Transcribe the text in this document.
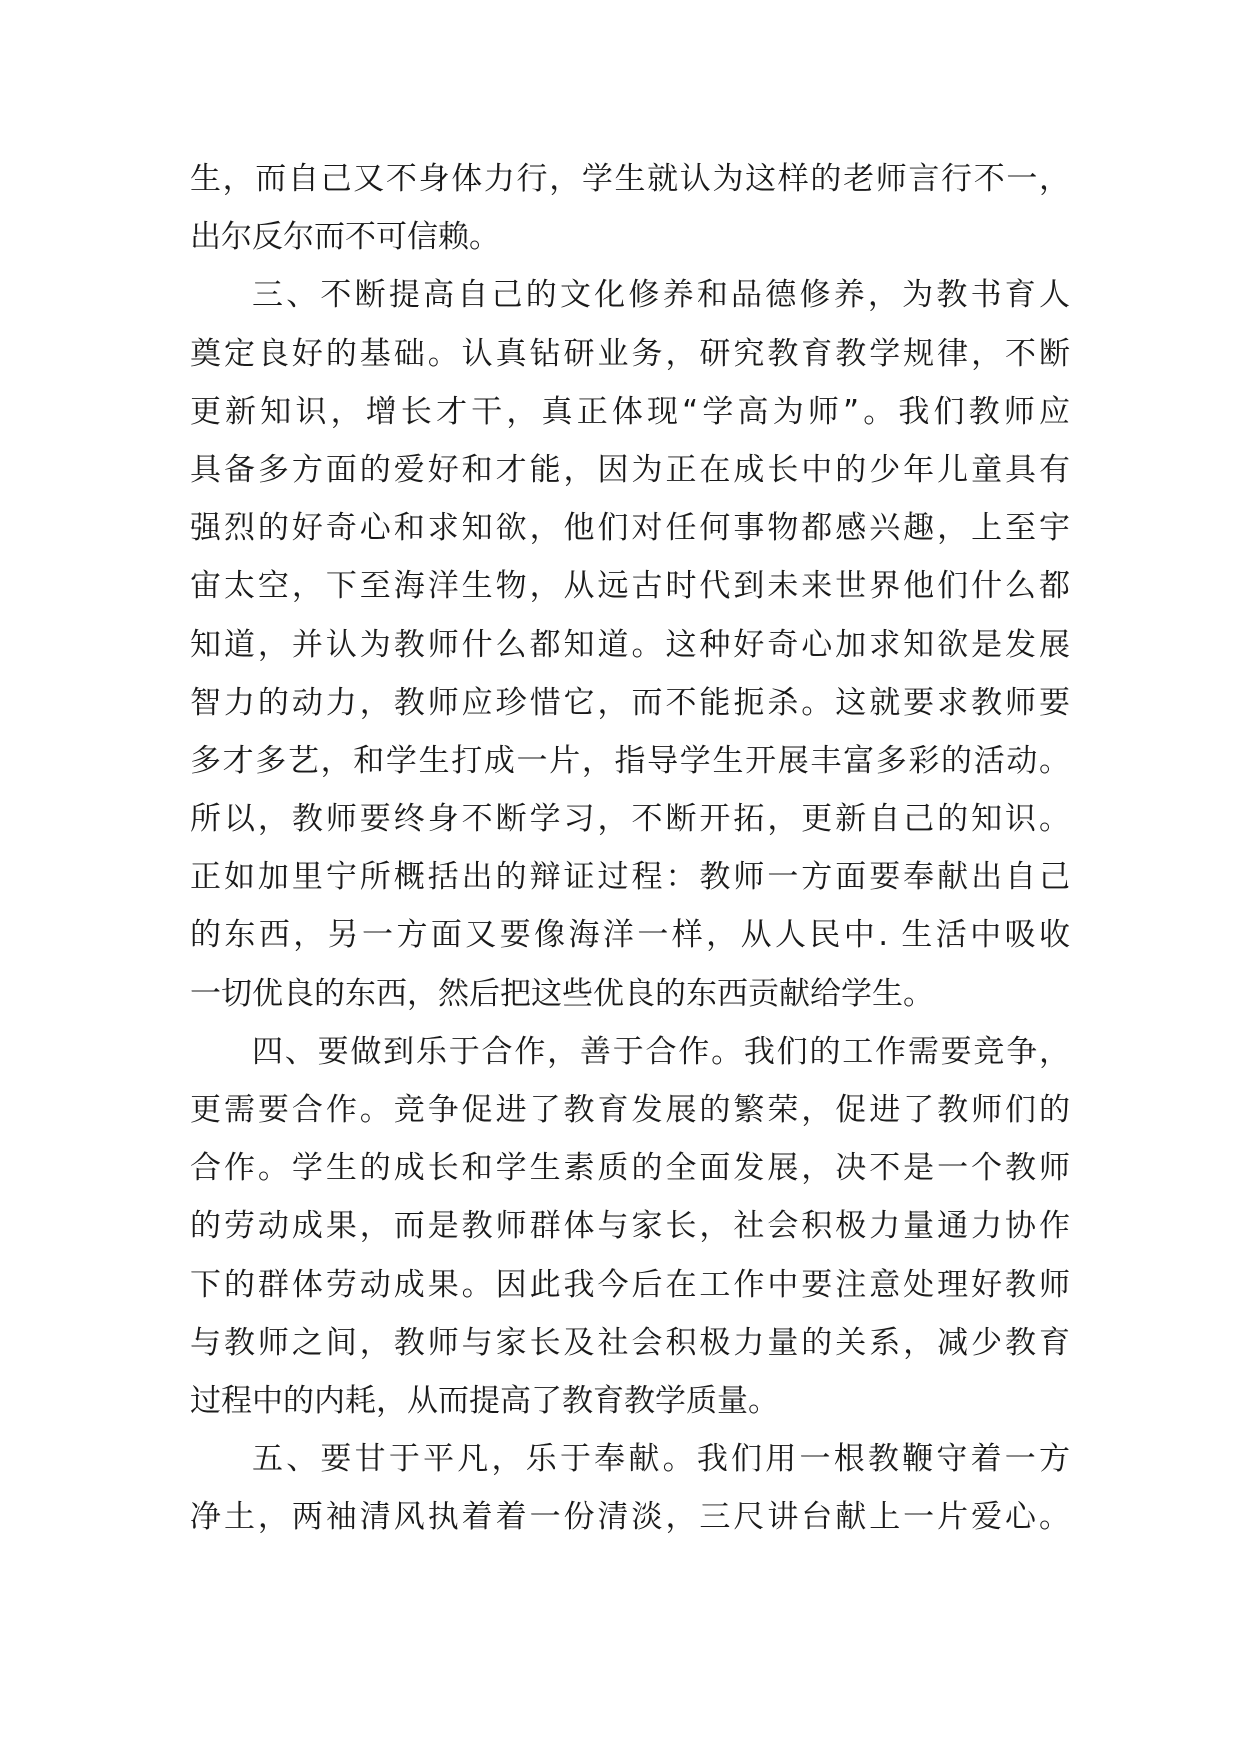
生，而自己又不身体力行，学生就认为这样的老师言行不一，
出尔反尔而不可信赖。
三、不断提高自己的文化修养和品德修养，为教书育人
奠定良好的基础。认真钻研业务，研究教育教学规律，不断
更新知识，增长才干，真正体现“学高为师”。我们教师应
具备多方面的爱好和才能，因为正在成长中的少年儿童具有
强烈的好奇心和求知欲，他们对任何事物都感兴趣，上至宇
宙太空，下至海洋生物，从远古时代到未来世界他们什么都
知道，并认为教师什么都知道。这种好奇心加求知欲是发展
智力的动力，教师应珍惜它，而不能扼杀。这就要求教师要
多才多艺，和学生打成一片，指导学生开展丰富多彩的活动。
所以，教师要终身不断学习，不断开拓，更新自己的知识。
正如加里宁所概括出的辩证过程：教师一方面要奉献出自己
的东西，另一方面又要像海洋一样，从人民中. 生活中吸收
一切优良的东西，然后把这些优良的东西贡献给学生。
四、要做到乐于合作，善于合作。我们的工作需要竞争，
更需要合作。竞争促进了教育发展的繁荣，促进了教师们的
合作。学生的成长和学生素质的全面发展，决不是一个教师
的劳动成果，而是教师群体与家长，社会积极力量通力协作
下的群体劳动成果。因此我今后在工作中要注意处理好教师
与教师之间，教师与家长及社会积极力量的关系，减少教育
过程中的内耗，从而提高了教育教学质量。
五、要甘于平凡，乐于奉献。我们用一根教鞭守着一方
净土，两袖清风执着着一份清淡，三尺讲台献上一片爱心。
